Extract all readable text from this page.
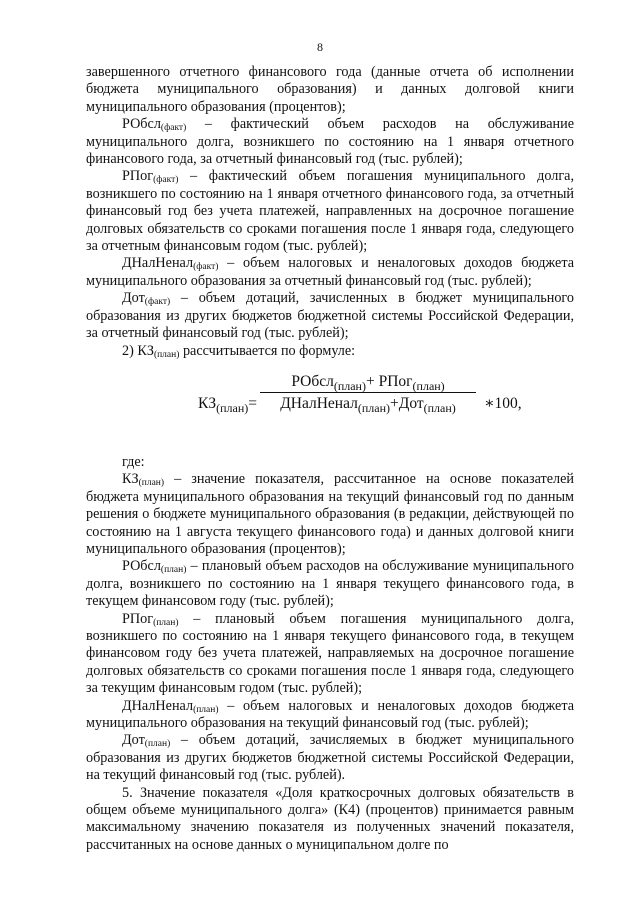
8

завершенного отчетного финансового года (данные отчета об исполнении бюджета муниципального образования) и данных долговой книги муниципального образования (процентов);

РОбсл$_{(факт)}$ – фактический объем расходов на обслуживание муниципального долга, возникшего по состоянию на 1 января отчетного финансового года, за отчетный финансовый год (тыс. рублей);

РПог$_{(факт)}$ – фактический объем погашения муниципального долга, возникшего по состоянию на 1 января отчетного финансового года, за отчетный финансовый год без учета платежей, направленных на досрочное погашение долговых обязательств со сроками погашения после 1 января года, следующего за отчетным финансовым годом (тыс. рублей);

ДНалНенал$_{(факт)}$ – объем налоговых и неналоговых доходов бюджета муниципального образования за отчетный финансовый год (тыс. рублей);

Дот$_{(факт)}$ – объем дотаций, зачисленных в бюджет муниципального образования из других бюджетов бюджетной системы Российской Федерации, за отчетный финансовый год (тыс. рублей);

2) $КЗ_{(план)}$ рассчитывается по формуле:

$КЗ_{(план)}=$
РОбсл$_{(план)}$+ РПог$_{(план)}$
ДНалНенал$_{(план)}$+Дот$_{(план)}$	∗100,

где:

$КЗ_{(план)}$ – значение показателя, рассчитанное на основе показателей бюджета муниципального образования на текущий финансовый год по данным решения о бюджете муниципального образования (в редакции, действующей по состоянию на 1 августа текущего финансового года) и данных долговой книги муниципального образования (процентов);

РОбсл$_{(план)}$ – плановый объем расходов на обслуживание муниципального долга, возникшего по состоянию на 1 января текущего финансового года, в текущем финансовом году (тыс. рублей);

РПог$_{(план)}$ – плановый объем погашения муниципального долга, возникшего по состоянию на 1 января текущего финансового года, в текущем финансовом году без учета платежей, направляемых на досрочное погашение долговых обязательств со сроками погашения после 1 января года, следующего за текущим финансовым годом (тыс. рублей);

ДНалНенал$_{(план)}$ – объем налоговых и неналоговых доходов бюджета муниципального образования на текущий финансовый год (тыс. рублей);

Дот$_{(план)}$ – объем дотаций, зачисляемых в бюджет муниципального образования из других бюджетов бюджетной системы Российской Федерации, на текущий финансовый год (тыс. рублей).

5. Значение показателя «Доля краткосрочных долговых обязательств в общем объеме муниципального долга» (К4) (процентов) принимается равным максимальному значению показателя из полученных значений показателя, рассчитанных на основе данных о муниципальном долге по
